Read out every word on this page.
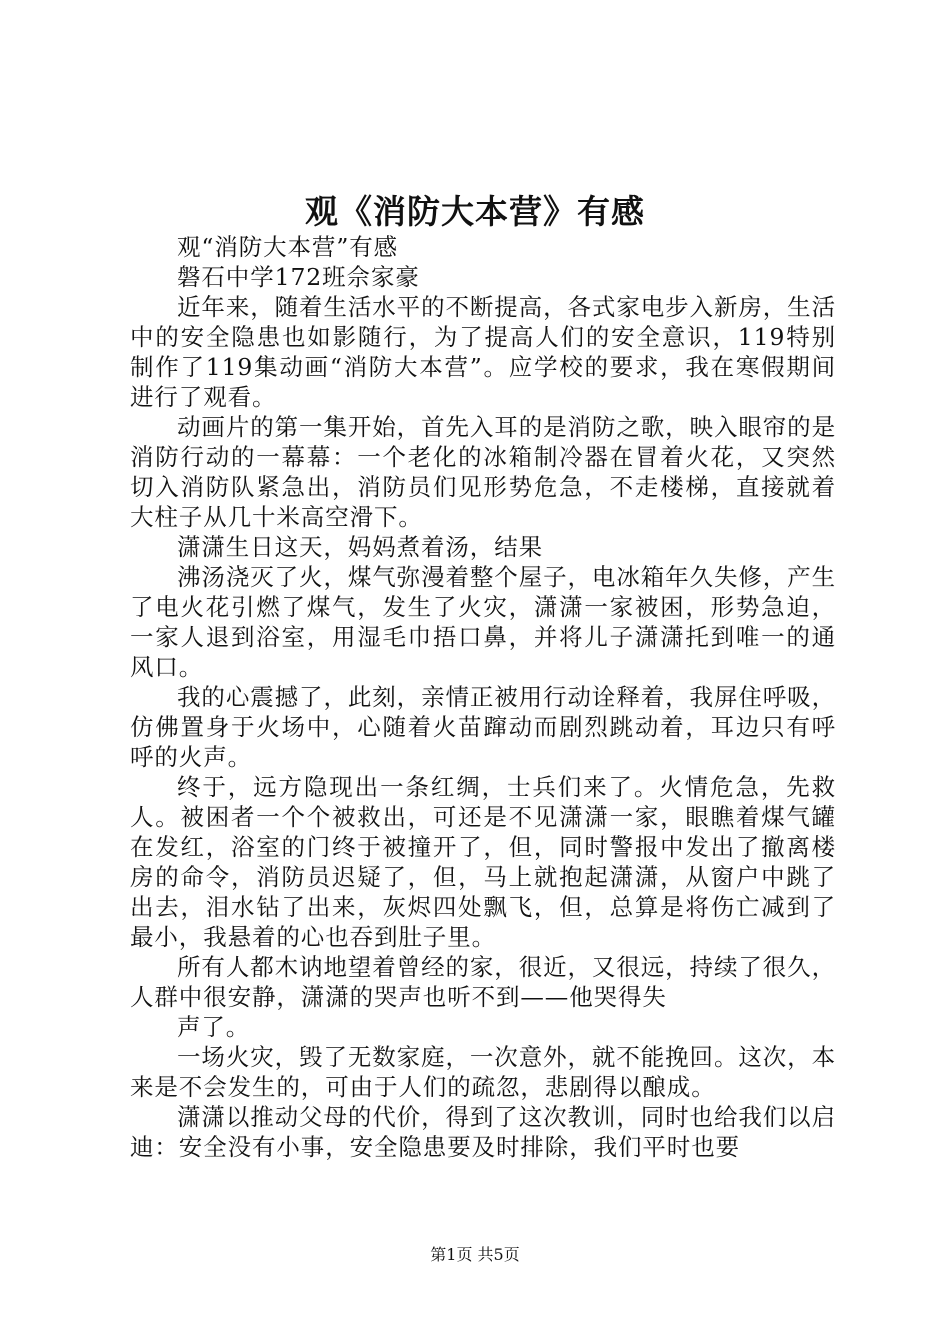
观《消防大本营》有感

观“消防大本营”有感

磐石中学172班佘家豪

近年来，随着生活水平的不断提高，各式家电步入新房，生活中的安全隐患也如影随行，为了提高人们的安全意识，119特别制作了119集动画“消防大本营”。应学校的要求，我在寒假期间进行了观看。

动画片的第一集开始，首先入耳的是消防之歌，映入眼帘的是消防行动的一幕幕：一个老化的冰箱制冷器在冒着火花，又突然切入消防队紧急出，消防员们见形势危急，不走楼梯，直接就着大柱子从几十米高空滑下。

潇潇生日这天，妈妈煮着汤，结果

沸汤浇灭了火，煤气弥漫着整个屋子，电冰箱年久失修，产生了电火花引燃了煤气，发生了火灾，潇潇一家被困，形势急迫，一家人退到浴室，用湿毛巾捂口鼻，并将儿子潇潇托到唯一的通风口。

我的心震撼了，此刻，亲情正被用行动诠释着，我屏住呼吸，仿佛置身于火场中，心随着火苗蹿动而剧烈跳动着，耳边只有呼呼的火声。

终于，远方隐现出一条红绸，士兵们来了。火情危急，先救人。被困者一个个被救出，可还是不见潇潇一家，眼瞧着煤气罐在发红，浴室的门终于被撞开了，但，同时警报中发出了撤离楼房的命令，消防员迟疑了，但，马上就抱起潇潇，从窗户中跳了出去，泪水钻了出来，灰烬四处飘飞，但，总算是将伤亡减到了最小，我悬着的心也吞到肚子里。

所有人都木讷地望着曾经的家，很近，又很远，持续了很久，人群中很安静，潇潇的哭声也听不到——他哭得失

声了。

一场火灾，毁了无数家庭，一次意外，就不能挽回。这次，本来是不会发生的，可由于人们的疏忽，悲剧得以酿成。

潇潇以推动父母的代价，得到了这次教训，同时也给我们以启迪：安全没有小事，安全隐患要及时排除，我们平时也要

第1页 共5页
